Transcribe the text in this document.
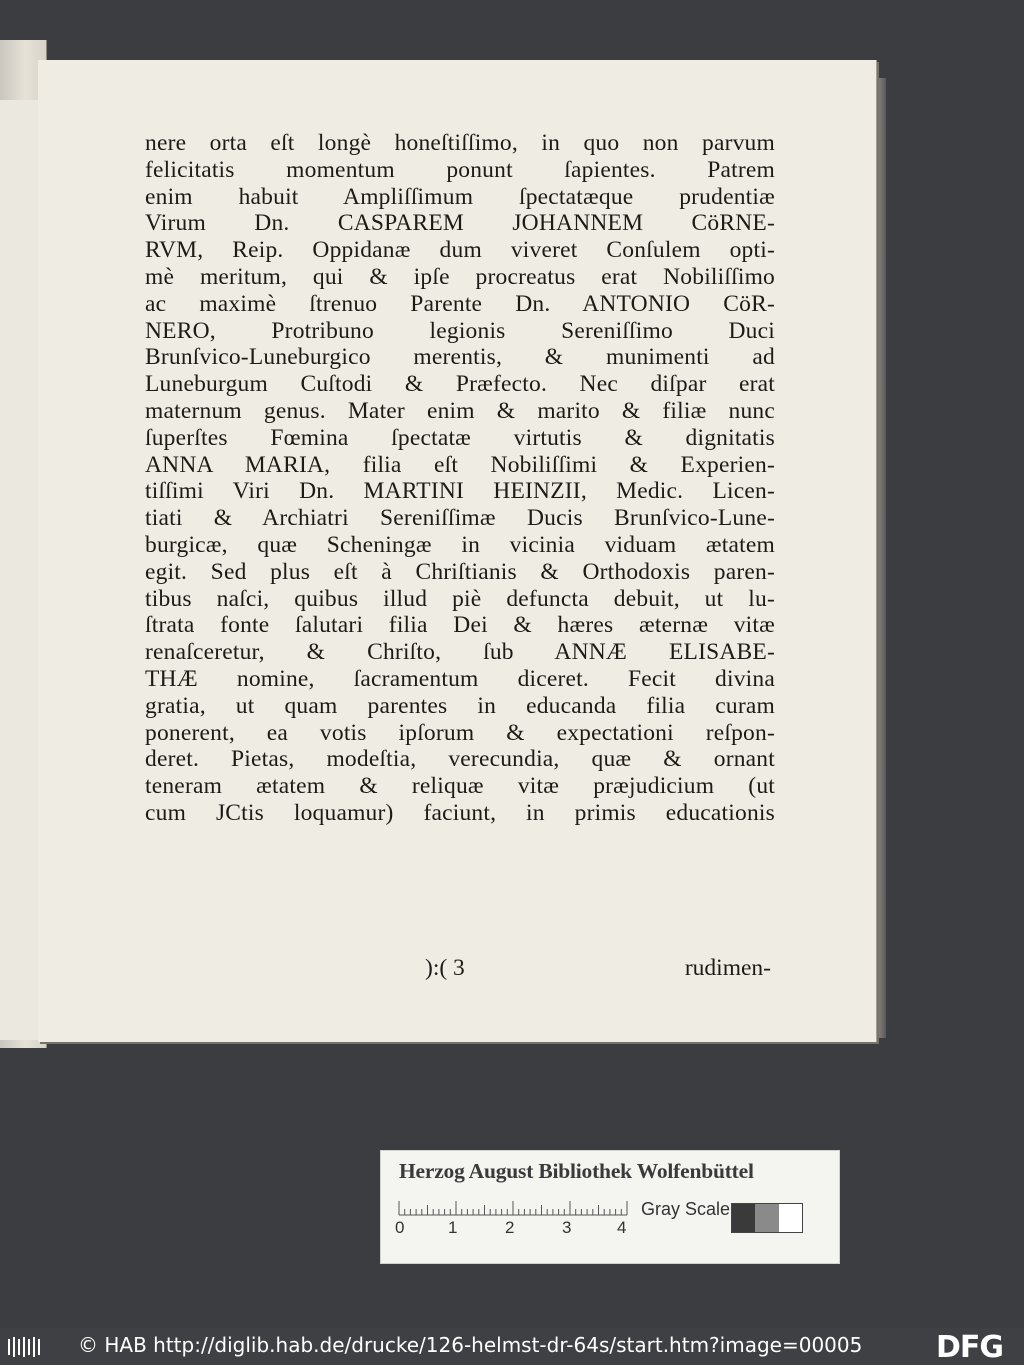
nere orta eſt longè honeſtiſſimo, in quo non parvum
felicitatis momentum ponunt ſapientes. Patrem
enim habuit Ampliſſimum ſpectatæque prudentiæ
Virum Dn. CASPAREM JOHANNEM CöRNE-
RVM, Reip. Oppidanæ dum viveret Conſulem opti-
mè meritum, qui & ipſe procreatus erat Nobiliſſimo
ac maximè ſtrenuo Parente Dn. ANTONIO CöR-
NERO, Protribuno legionis Sereniſſimo Duci
Brunſvico-Luneburgico merentis, & munimenti ad
Luneburgum Cuſtodi & Præfecto. Nec diſpar erat
maternum genus. Mater enim & marito & filiæ nunc
ſuperſtes Fœmina ſpectatæ virtutis & dignitatis
ANNA MARIA, filia eſt Nobiliſſimi & Experien-
tiſſimi Viri Dn. MARTINI HEINZII, Medic. Licen-
tiati & Archiatri Sereniſſimæ Ducis Brunſvico-Lune-
burgicæ, quæ Scheningæ in vicinia viduam ætatem
egit. Sed plus eſt à Chriſtianis & Orthodoxis paren-
tibus naſci, quibus illud piè defuncta debuit, ut lu-
ſtrata fonte ſalutari filia Dei & hæres æternæ vitæ
renaſceretur, & Chriſto, ſub ANNÆ ELISABE-
THÆ nomine, ſacramentum diceret. Fecit divina
gratia, ut quam parentes in educanda filia curam
ponerent, ea votis ipſorum & expectationi reſpon-
deret. Pietas, modeſtia, verecundia, quæ & ornant
teneram ætatem & reliquæ vitæ præjudicium (ut
cum JCtis loquamur) faciunt, in primis educationis
):( 3	rudimen-
Herzog August Bibliothek Wolfenbüttel
0	1	2	3	4
Gray Scale
© HAB http://diglib.hab.de/drucke/126-helmst-dr-64s/start.htm?image=00005 DFG
